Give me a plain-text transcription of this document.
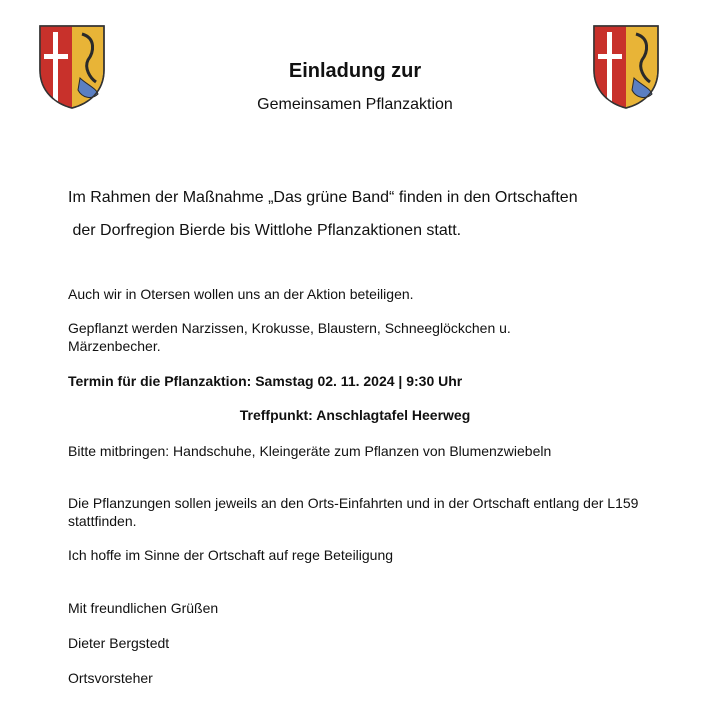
Einladung zur
Gemeinsamen Pflanzaktion
Im Rahmen der Maßnahme „Das grüne Band“ finden in den Ortschaften
der Dorfregion Bierde bis Wittlohe Pflanzaktionen statt.
Auch wir in Otersen wollen uns an der Aktion beteiligen.
Gepflanzt werden Narzissen, Krokusse, Blaustern, Schneeglöckchen u. Märzenbecher.
Termin für die Pflanzaktion: Samstag 02. 11. 2024 | 9:30 Uhr
Treffpunkt: Anschlagtafel Heerweg
Bitte mitbringen: Handschuhe, Kleingeräte zum Pflanzen von Blumenzwiebeln
Die Pflanzungen sollen jeweils an den Orts-Einfahrten und in der Ortschaft entlang der L159 stattfinden.
Ich hoffe im Sinne der Ortschaft auf rege Beteiligung
Mit freundlichen Grüßen
Dieter Bergstedt
Ortsvorsteher
